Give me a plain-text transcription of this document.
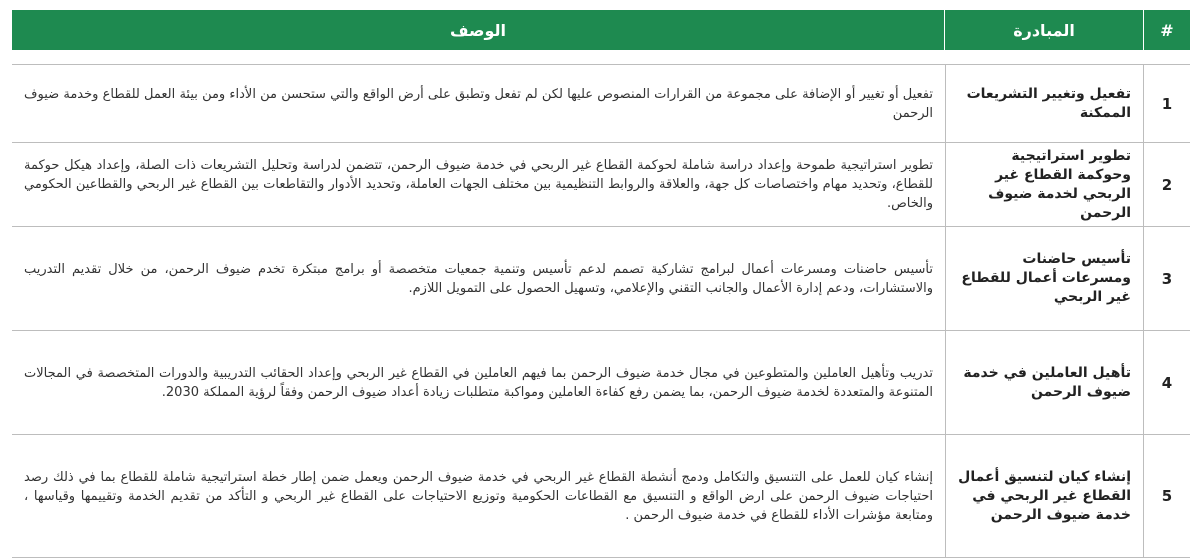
#
المبادرة
الوصف
1
تفعيل وتغيير التشريعات الممكنة
تفعيل أو تغيير أو الإضافة على مجموعة من القرارات المنصوص عليها لكن لم تفعل وتطبق على أرض الواقع والتي ستحسن من الأداء ومن بيئة العمل للقطاع وخدمة ضيوف الرحمن
2
تطوير استراتيجية وحوكمة القطاع غير الربحي لخدمة ضيوف الرحمن
تطوير استراتيجية طموحة وإعداد دراسة شاملة لحوكمة القطاع غير الربحي في خدمة ضيوف الرحمن، تتضمن لدراسة وتحليل التشريعات ذات الصلة، وإعداد هيكل حوكمة للقطاع، وتحديد مهام واختصاصات كل جهة، والعلاقة والروابط التنظيمية بين مختلف الجهات العاملة، وتحديد الأدوار والتقاطعات بين القطاع غير الربحي والقطاعين الحكومي والخاص.
3
تأسيس حاضنات ومسرعات أعمال للقطاع غير الربحي
تأسيس حاضنات ومسرعات أعمال لبرامج تشاركية تصمم لدعم تأسيس وتنمية جمعيات متخصصة أو برامج مبتكرة تخدم ضيوف الرحمن، من خلال تقديم التدريب والاستشارات، ودعم إدارة الأعمال والجانب التقني والإعلامي، وتسهيل الحصول على التمويل اللازم.
4
تأهيل العاملين في خدمة ضيوف الرحمن
تدريب وتأهيل العاملين والمتطوعين في مجال خدمة ضيوف الرحمن بما فيهم العاملين في القطاع غير الربحي وإعداد الحقائب التدريبية والدورات المتخصصة في المجالات المتنوعة والمتعددة لخدمة ضيوف الرحمن، بما يضمن رفع كفاءة العاملين ومواكبة متطلبات زيادة أعداد ضيوف الرحمن وفقاً لرؤية المملكة 2030.
5
إنشاء كيان لتنسيق أعمال القطاع غير الربحي في خدمة ضيوف الرحمن
إنشاء كيان للعمل على التنسيق والتكامل ودمج أنشطة القطاع غير الربحي في خدمة ضيوف الرحمن ويعمل ضمن إطار خطة استراتيجية شاملة للقطاع بما في ذلك رصد احتياجات ضيوف الرحمن على ارض الواقع و التنسيق مع القطاعات الحكومية وتوزيع الاحتياجات على القطاع غير الربحي و التأكد من تقديم الخدمة وتقييمها وقياسها ، ومتابعة مؤشرات الأداء للقطاع في خدمة ضيوف الرحمن .
